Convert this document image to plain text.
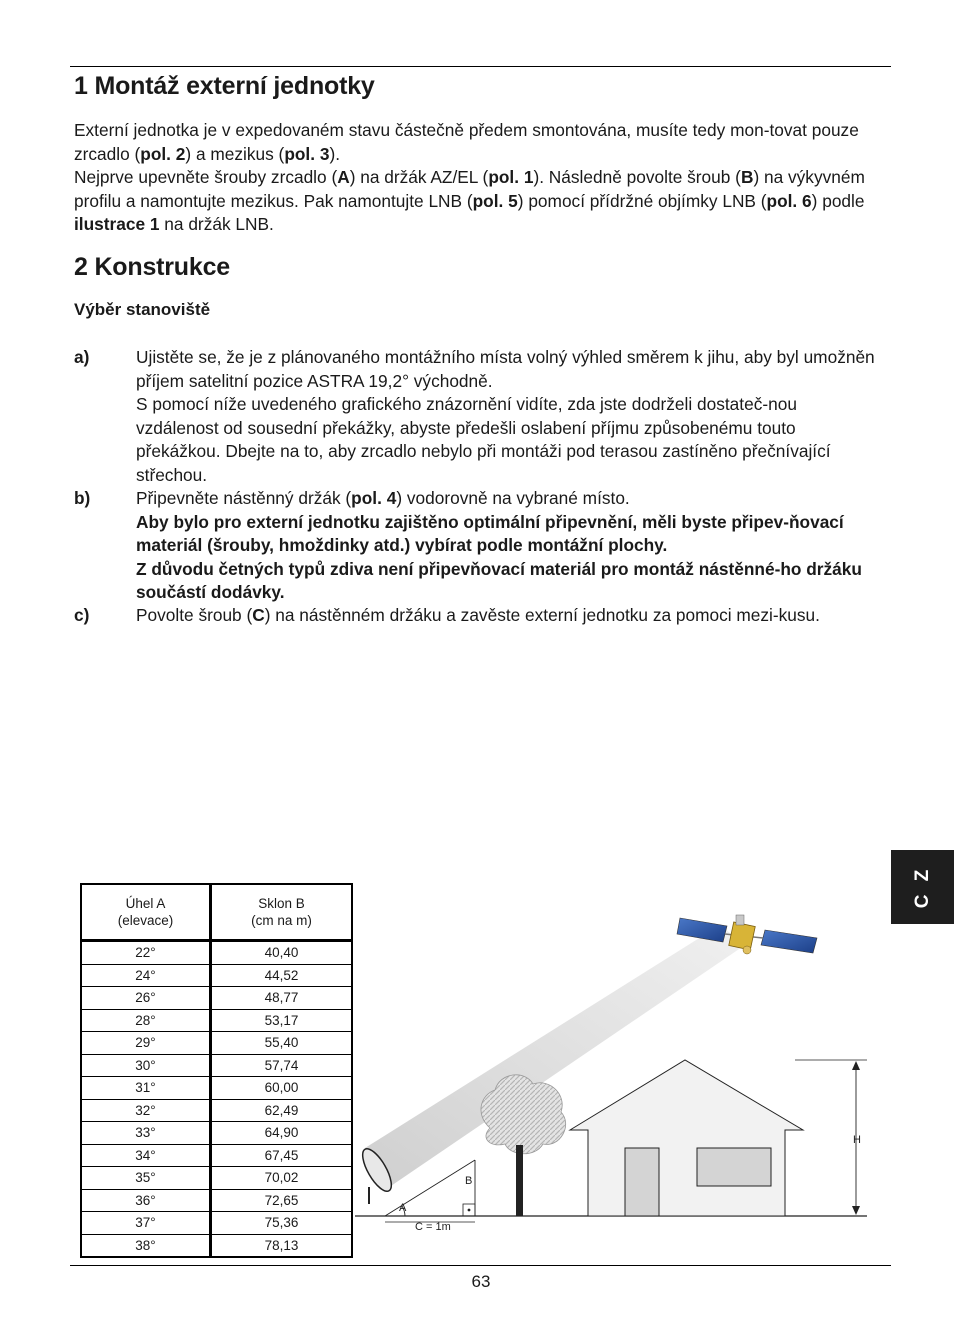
1 Montáž externí jednotky

Externí jednotka je v expedovaném stavu částečně předem smontována, musíte tedy mon-tovat pouze zrcadlo (pol. 2) a mezikus (pol. 3).

Nejprve upevněte šrouby zrcadlo (A) na držák AZ/EL (pol. 1). Následně povolte šroub (B) na výkyvném profilu a namontujte mezikus. Pak namontujte LNB (pol. 5) pomocí přídržné objímky LNB (pol. 6) podle ilustrace 1 na držák LNB.

2 Konstrukce

Výběr stanoviště

a)	Ujistěte se, že je z plánovaného montážního místa volný výhled směrem k jihu, aby byl umožněn příjem satelitní pozice ASTRA 19,2° východně.

S pomocí níže uvedeného grafického znázornění vidíte, zda jste dodrželi dostateč-nou vzdálenost od sousední překážky, abyste předešli oslabení příjmu způsobenému touto překážkou. Dbejte na to, aby zrcadlo nebylo při montáži pod terasou zastíněno přečnívající střechou.

b)	Připevněte nástěnný držák (pol. 4) vodorovně na vybrané místo.

Aby bylo pro externí jednotku zajištěno optimální připevnění, měli byste připev-ňovací materiál (šrouby, hmoždinky atd.) vybírat podle montážní plochy.

Z důvodu četných typů zdiva není připevňovací materiál pro montáž nástěnné-ho držáku součástí dodávky.

c)	Povolte šroub (C) na nástěnném držáku a zavěste externí jednotku za pomoci mezi-kusu.

C Z
Úhel A
(elevace)	Sklon B
(cm na m)
22°	40,40
24°	44,52
26°	48,77
28°	53,17
29°	55,40
30°	57,74
31°	60,00
32°	62,49
33°	64,90
34°	67,45
35°	70,02
36°	72,65
37°	75,36
38°	78,13
A
B
C = 1m
H
63
